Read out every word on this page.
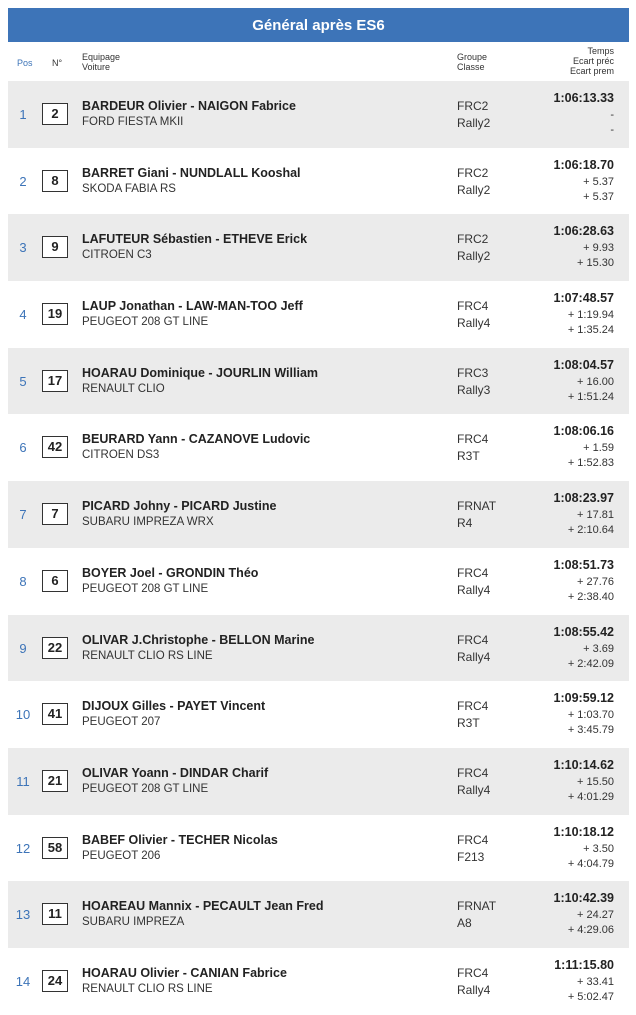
Général après ES6
Pos N°
Equipage
Voiture
Groupe
Classe
Temps
Ecart préc
Ecart prem
1	2	BARDEUR Olivier - NAIGON Fabrice
FORD FIESTA MKII
FRC2
Rally2
1:06:13.33
-
-
2	8	BARRET Giani - NUNDLALL Kooshal
SKODA FABIA RS
FRC2
Rally2
1:06:18.70
+ 5.37
+ 5.37
3	9	LAFUTEUR Sébastien - ETHEVE Erick
CITROEN C3
FRC2
Rally2
1:06:28.63
+ 9.93
+ 15.30
4	19	LAUP Jonathan - LAW-MAN-TOO Jeff
PEUGEOT 208 GT LINE
FRC4
Rally4
1:07:48.57
+ 1:19.94
+ 1:35.24
5	17	HOARAU Dominique - JOURLIN William
RENAULT CLIO
FRC3
Rally3
1:08:04.57
+ 16.00
+ 1:51.24
6	42	BEURARD Yann - CAZANOVE Ludovic
CITROEN DS3
FRC4
R3T
1:08:06.16
+ 1.59
+ 1:52.83
7	7	PICARD Johny - PICARD Justine
SUBARU IMPREZA WRX
FRNAT
R4
1:08:23.97
+ 17.81
+ 2:10.64
8	6	BOYER Joel - GRONDIN Théo
PEUGEOT 208 GT LINE
FRC4
Rally4
1:08:51.73
+ 27.76
+ 2:38.40
9	22	OLIVAR J.Christophe - BELLON Marine
RENAULT CLIO RS LINE
FRC4
Rally4
1:08:55.42
+ 3.69
+ 2:42.09
10	41	DIJOUX Gilles - PAYET Vincent
PEUGEOT 207
FRC4
R3T
1:09:59.12
+ 1:03.70
+ 3:45.79
11	21	OLIVAR Yoann - DINDAR Charif
PEUGEOT 208 GT LINE
FRC4
Rally4
1:10:14.62
+ 15.50
+ 4:01.29
12	58	BABEF Olivier - TECHER Nicolas
PEUGEOT 206
FRC4
F213
1:10:18.12
+ 3.50
+ 4:04.79
13	11	HOAREAU Mannix - PECAULT Jean Fred
SUBARU IMPREZA
FRNAT
A8
1:10:42.39
+ 24.27
+ 4:29.06
14	24	HOARAU Olivier - CANIAN Fabrice
RENAULT CLIO RS LINE
FRC4
Rally4
1:11:15.80
+ 33.41
+ 5:02.47
